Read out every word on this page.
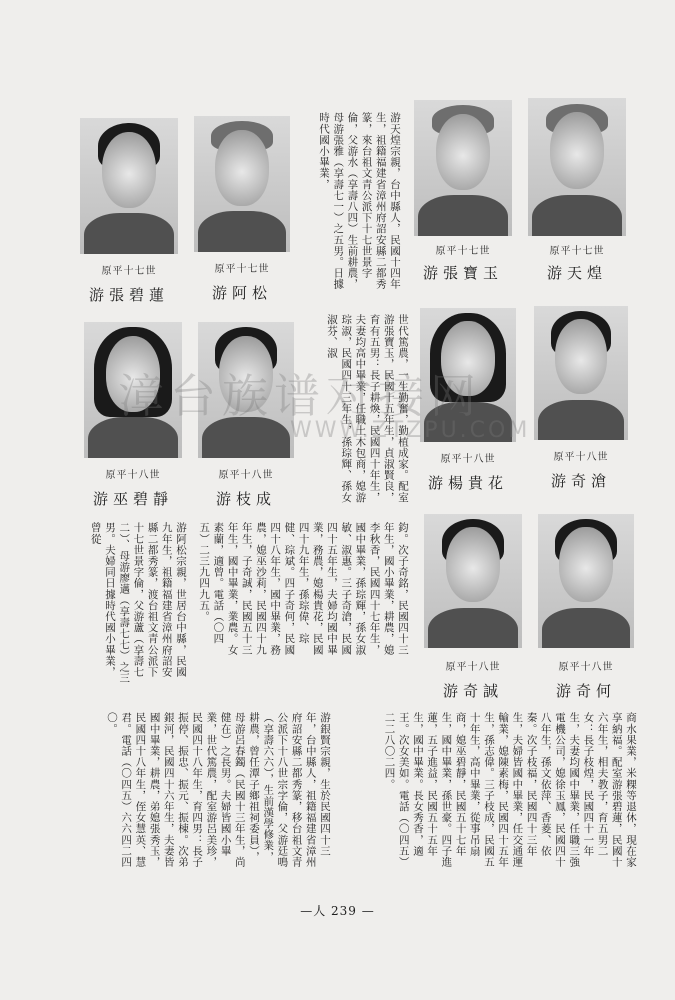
原平十七世
游天煌
原平十七世
游張寶玉
游天煌宗親，台中縣人，民國十四年生，祖籍福建省漳州府詔安縣二都秀篆，來台祖文青公派下十七世景字倫，父游水（享壽八四）生前耕農，母游張雅（享壽七一）之五男。日據時代國小畢業，
原平十七世
游阿松
原平十七世
游張碧蓮
原平十八世
游奇滄
原平十八世
游楊貴花
世代篤農，一生勤奮，勤植成家。配室游張寶玉，民國十五年生，貞淑賢良，育有五男：長子耕煥，民國四十年生，夫妻均高中畢業，任職土木包商，媳游琮淑，民國四十三年生，孫琮輝、孫女淑芬、淑
原平十八世
游枝成
原平十八世
游巫碧靜
原平十八世
游奇何
原平十八世
游奇誠
鈞。次子奇銘，民國四十三年生，國小畢業，耕農，媳李秋香，民國四十七年生，國中畢業，孫琮輝，孫女淑敏、淑惠。三子奇滄，民國四十五年生，夫婦均國中畢業，務農，媳楊貴花，民國四十九年生，孫琮偉、琮健、琮斌。四子奇何，民國四十八年生，國中畢業，務農，媳巫沙莉，民國四十九年生，子奇誠，民國五十三年生，國中畢業，業農。女素蘭，適曾。電話（〇四五）二三九四九五。
游阿松宗親，世居台中縣，民國九年生，祖籍福建省漳州府詔安縣二都秀篆，渡台祖文青公派下十七世景字倫，父游蘆（享壽七二）、母游廖邁（享壽七七）之三男。夫婦同日據時代國小畢業，曾從
商水果業，米粿等退休，現在家享納福。配室游張碧蓮，民國十六年生，相夫教子，育五男二女：長子枝煌，民國四十一年生，夫妻均國中畢業，任職三強電機公司，媳徐玉鳳，民國四十八年生，孫文依萍、香菱、依秦。次子枝福，民國四十三年生，夫婦皆國中畢業，任交通運輸業，媳陳素梅，民國四十五年生，孫志偉。三子枝成，民國五十年生，高中畢業，從事吊扇商，媳巫碧靜，民國五十七年生，國中畢業，孫世豪。四子進蓮，五子進益，民國五十五年生，國中畢業。長女秀香，適王。次女美如。電話（〇四五）二二八〇二四。
游銀賢宗親，生於民國四十三年，台中縣人，祖籍福建省漳州府詔安縣二都秀篆，移台祖文青公派下十八世宗字倫，父游廷鳴（享壽六六），生前漢學修業，耕農，曾任潭子鄉祖祠委員），母游呂春鐲（民國十三年生，尚健在）之長男。夫婦皆國小畢業，世代篤農，配室游呂美珍，民國四十八年生，育四男：長子振停、振忠、振元、振棟。次弟銀河，民國四十六年生，夫妻皆國中畢業，耕農，弟媳張秀玉，民國四十八年生，侄女慧英、慧君。電話（〇四五）六六四二四〇。
漳台族谱对接网
WWW.ZTZPU.COM
—人 239 —
